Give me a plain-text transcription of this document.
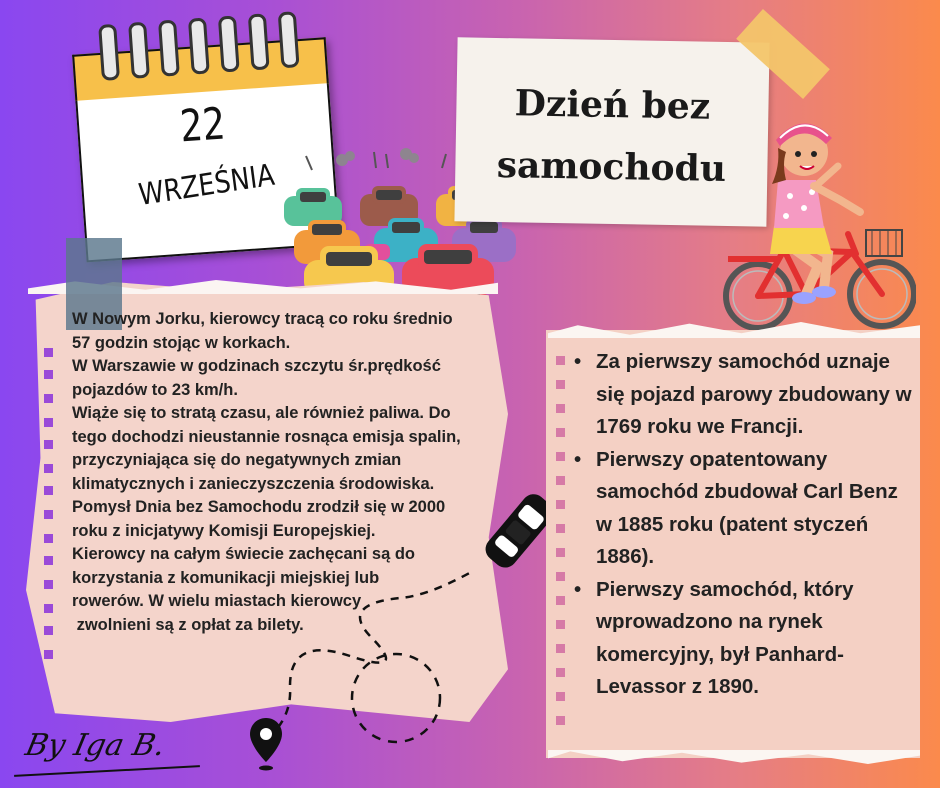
22
WRZEŚNIA
Dzień bez
samochodu
W Nowym Jorku, kierowcy tracą co roku średnio
57 godzin stojąc w korkach.
W Warszawie w godzinach szczytu śr.prędkość
pojazdów to 23 km/h.
Wiąże się to stratą czasu, ale również paliwa. Do
tego dochodzi nieustannie rosnąca emisja spalin,
przyczyniająca się do negatywnych zmian
klimatycznych i zanieczyszczenia środowiska.
Pomysł Dnia bez Samochodu zrodził się w 2000
roku z inicjatywy Komisji Europejskiej.
Kierowcy na całym świecie zachęcani są do
korzystania z komunikacji miejskiej lub
rowerów. W wielu miastach kierowcy
zwolnieni są z opłat za bilety.
• Za pierwszy samochód uznaje się pojazd parowy zbudowany w 1769 roku we Francji.
• Pierwszy opatentowany samochód zbudował Carl Benz w 1885 roku (patent styczeń 1886).
• Pierwszy samochód, który wprowadzono na rynek komercyjny, był Panhard-Levassor z 1890.
By Iga B.
